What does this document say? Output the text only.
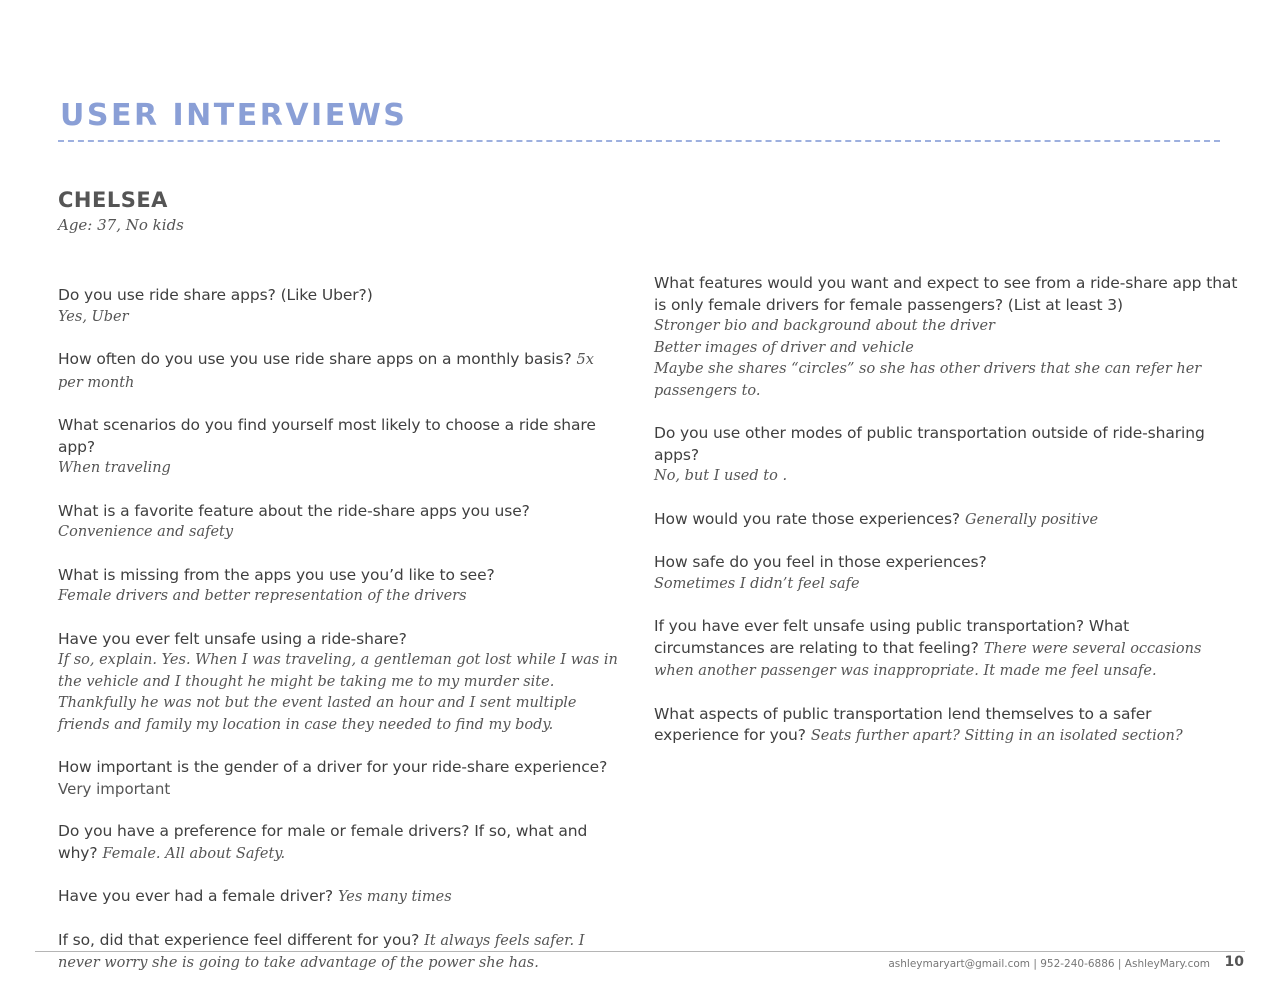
USER INTERVIEWS
CHELSEA
Age: 37, No kids

Do you use ride share apps? (Like Uber?)
Yes, Uber

How often do you use you use ride share apps on a monthly basis? 5x per month

What scenarios do you find yourself most likely to choose a ride share app?
When traveling

What is a favorite feature about the ride-share apps you use?
Convenience and safety

What is missing from the apps you use you’d like to see?
Female drivers and better representation of the drivers

Have you ever felt unsafe using a ride-share?
If so, explain. Yes. When I was traveling, a gentleman got lost while I was in the vehicle and I thought he might be taking me to my murder site. Thankfully he was not but the event lasted an hour and I sent multiple friends and family my location in case they needed to find my body.

How important is the gender of a driver for your ride-share experience?
Very important

Do you have a preference for male or female drivers? If so, what and why? Female. All about Safety.

Have you ever had a female driver? Yes many times

If so, did that experience feel different for you? It always feels safer. I never worry she is going to take advantage of the power she has.

What features would you want and expect to see from a ride-share app that is only female drivers for female passengers? (List at least 3)
Stronger bio and background about the driver
Better images of driver and vehicle
Maybe she shares “circles” so she has other drivers that she can refer her passengers to.

Do you use other modes of public transportation outside of ride-sharing apps?
No, but I used to .

How would you rate those experiences? Generally positive

How safe do you feel in those experiences?
Sometimes I didn’t feel safe

If you have ever felt unsafe using public transportation? What circumstances are relating to that feeling? There were several occasions when another passenger was inappropriate. It made me feel unsafe.

What aspects of public transportation lend themselves to a safer experience for you? Seats further apart? Sitting in an isolated section?

ashleymaryart@gmail.com | 952-240-6886 | AshleyMary.com 10
